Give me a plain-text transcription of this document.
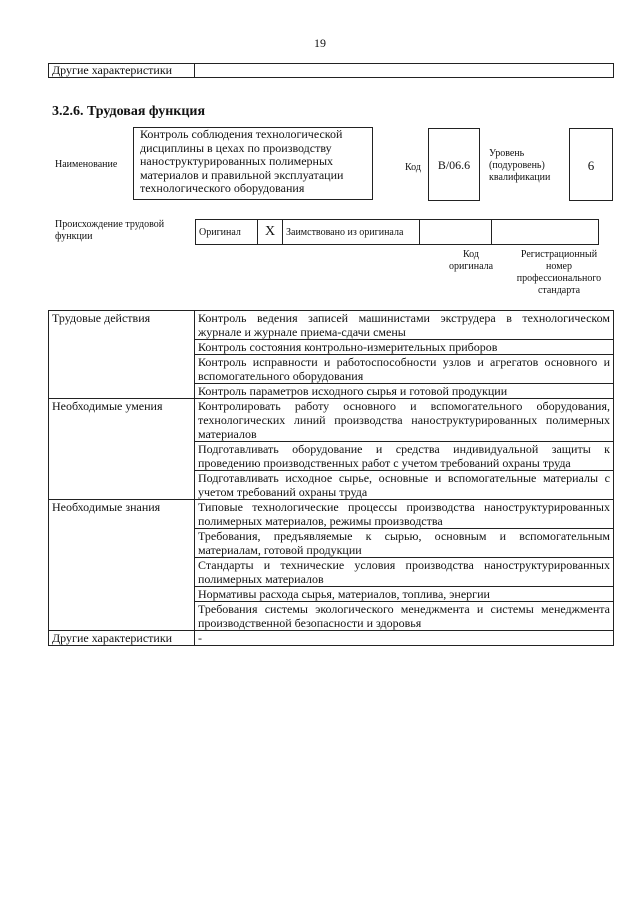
19
Другие характеристики	
3.2.6. Трудовая функция
Наименование
Контроль соблюдения технологической
дисциплины в цехах по производству
наноструктурированных полимерных
материалов и правильной эксплуатации
технологического оборудования
Код	B/06.6
Уровень
(подуровень)
квалификации
6
Происхождение трудовой
функции	Оригинал	X	Заимствовано из оригинала		
Код
оригинала
Регистрационный
номер
профессионального
стандарта
Трудовые действия	Контроль ведения записей машинистами экструдера в технологическом журнале и журнале приема-сдачи смены
	Контроль состояния контрольно-измерительных приборов
	Контроль исправности и работоспособности узлов и агрегатов основного и вспомогательного оборудования
	Контроль параметров исходного сырья и готовой продукции
Необходимые умения	Контролировать работу основного и вспомогательного оборудования, технологических линий производства наноструктурированных полимерных материалов
	Подготавливать оборудование и средства индивидуальной защиты к проведению производственных работ с учетом требований охраны труда
	Подготавливать исходное сырье, основные и вспомогательные материалы с учетом требований охраны труда
Необходимые знания	Типовые технологические процессы производства наноструктурированных полимерных материалов, режимы производства
	Требования, предъявляемые к сырью, основным и вспомогательным материалам, готовой продукции
	Стандарты и технические условия производства наноструктурированных полимерных материалов
	Нормативы расхода сырья, материалов, топлива, энергии
	Требования системы экологического менеджмента и системы менеджмента производственной безопасности и здоровья
Другие характеристики	-
